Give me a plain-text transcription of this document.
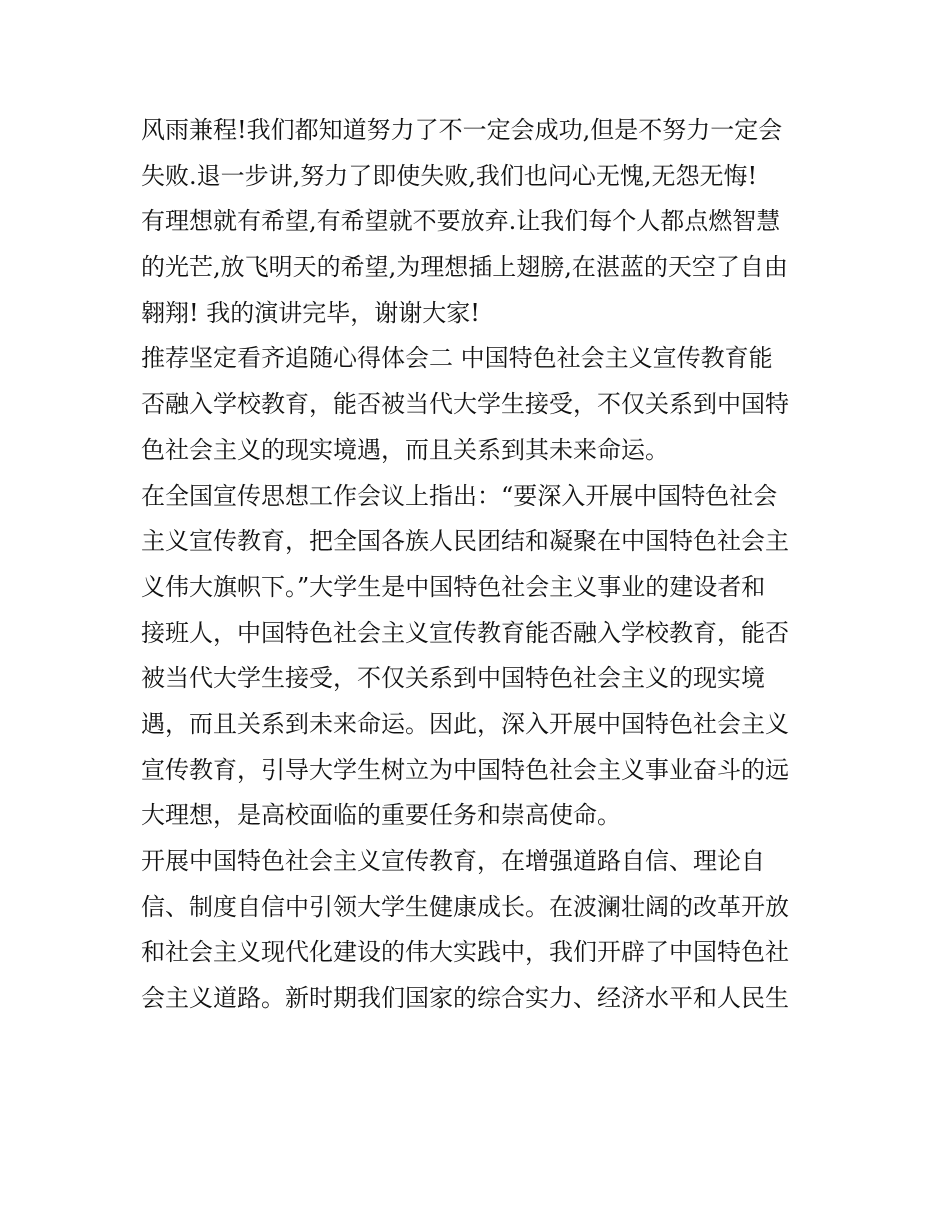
风雨兼程!我们都知道努力了不一定会成功,但是不努力一定会
失败.退一步讲,努力了即使失败,我们也问心无愧,无怨无悔!
有理想就有希望,有希望就不要放弃.让我们每个人都点燃智慧
的光芒,放飞明天的希望,为理想插上翅膀,在湛蓝的天空了自由
翱翔! 我的演讲完毕，谢谢大家!
推荐坚定看齐追随心得体会二 中国特色社会主义宣传教育能
否融入学校教育，能否被当代大学生接受，不仅关系到中国特
色社会主义的现实境遇，而且关系到其未来命运。
在全国宣传思想工作会议上指出：“要深入开展中国特色社会
主义宣传教育，把全国各族人民团结和凝聚在中国特色社会主
义伟大旗帜下。”大学生是中国特色社会主义事业的建设者和
接班人，中国特色社会主义宣传教育能否融入学校教育，能否
被当代大学生接受，不仅关系到中国特色社会主义的现实境
遇，而且关系到未来命运。因此，深入开展中国特色社会主义
宣传教育，引导大学生树立为中国特色社会主义事业奋斗的远
大理想，是高校面临的重要任务和崇高使命。
开展中国特色社会主义宣传教育，在增强道路自信、理论自
信、制度自信中引领大学生健康成长。在波澜壮阔的改革开放
和社会主义现代化建设的伟大实践中，我们开辟了中国特色社
会主义道路。新时期我们国家的综合实力、经济水平和人民生
